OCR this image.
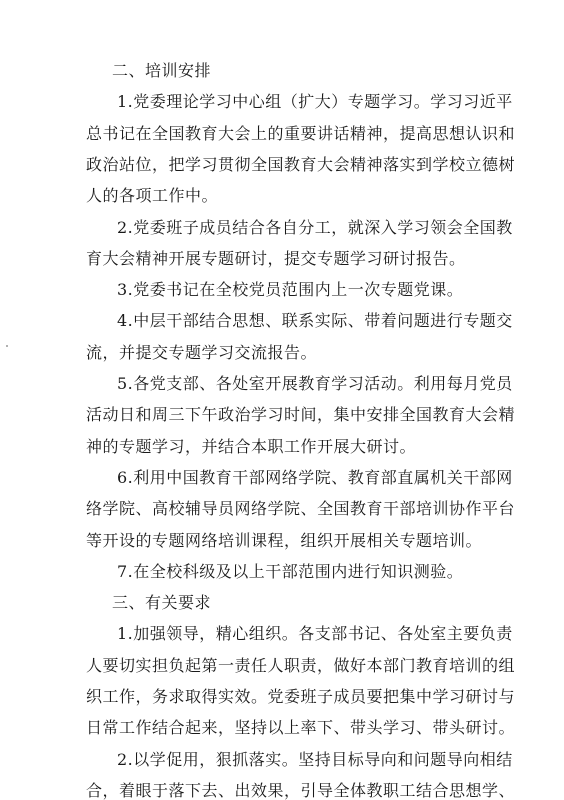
二、培训安排
1.党委理论学习中心组（扩大）专题学习。学习习近平
总书记在全国教育大会上的重要讲话精神，提高思想认识和
政治站位，把学习贯彻全国教育大会精神落实到学校立德树
人的各项工作中。
2.党委班子成员结合各自分工，就深入学习领会全国教
育大会精神开展专题研讨，提交专题学习研讨报告。
3.党委书记在全校党员范围内上一次专题党课。
4.中层干部结合思想、联系实际、带着问题进行专题交
流，并提交专题学习交流报告。
5.各党支部、各处室开展教育学习活动。利用每月党员
活动日和周三下午政治学习时间，集中安排全国教育大会精
神的专题学习，并结合本职工作开展大研讨。
6.利用中国教育干部网络学院、教育部直属机关干部网
络学院、高校辅导员网络学院、全国教育干部培训协作平台
等开设的专题网络培训课程，组织开展相关专题培训。
7.在全校科级及以上干部范围内进行知识测验。
三、有关要求
1.加强领导，精心组织。各支部书记、各处室主要负责
人要切实担负起第一责任人职责，做好本部门教育培训的组
织工作，务求取得实效。党委班子成员要把集中学习研讨与
日常工作结合起来，坚持以上率下、带头学习、带头研讨。
2.以学促用，狠抓落实。坚持目标导向和问题导向相结
合，着眼于落下去、出效果，引导全体教职工结合思想学、
